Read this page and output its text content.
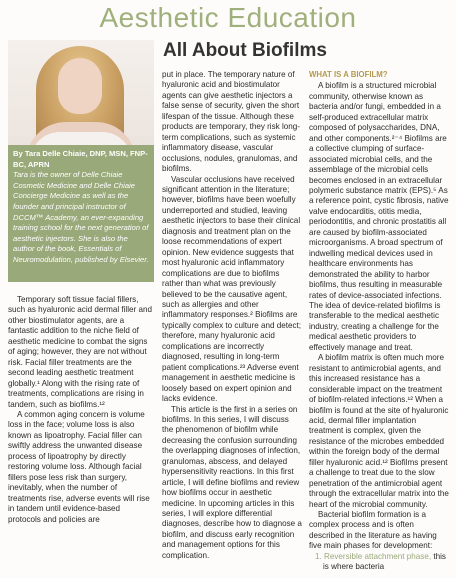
Aesthetic Education
All About Biofilms
By Tara Delle Chiaie, DNP, MSN, FNP-BC, APRN
Tara is the owner of Delle Chiaie Cosmetic Medicine and Delle Chiaie Concierge Medicine as well as the founder and principal instructor of DCCM™ Academy, an ever-expanding training school for the next generation of aesthetic injectors. She is also the author of the book, Essentials of Neuromodulation, published by Elsevier.

Temporary soft tissue facial fillers, such as hyaluronic acid dermal filler and other biostimulator agents, are a fantastic addition to the niche field of aesthetic medicine to combat the signs of aging; however, they are not without risk. Facial filler treatments are the second leading aesthetic treatment globally.¹ Along with the rising rate of treatments, complications are rising in tandem, such as biofilms.¹²

A common aging concern is volume loss in the face; volume loss is also known as lipoatrophy. Facial filler can swiftly address the unwanted disease process of lipoatrophy by directly restoring volume loss. Although facial fillers pose less risk than surgery, inevitably, when the number of treatments rise, adverse events will rise in tandem until evidence-based protocols and policies are

put in place. The temporary nature of hyaluronic acid and biostimulator agents can give aesthetic injectors a false sense of security, given the short lifespan of the tissue. Although these products are temporary, they risk long-term complications, such as systemic inflammatory disease, vascular occlusions, nodules, granulomas, and biofilms.

Vascular occlusions have received significant attention in the literature; however, biofilms have been woefully underreported and studied, leaving aesthetic injectors to base their clinical diagnosis and treatment plan on the loose recommendations of expert opinion. New evidence suggests that most hyaluronic acid inflammatory complications are due to biofilms rather than what was previously believed to be the causative agent, such as allergies and other inflammatory responses.² Biofilms are typically complex to culture and detect; therefore, many hyaluronic acid complications are incorrectly diagnosed, resulting in long-term patient complications.²³ Adverse event management in aesthetic medicine is loosely based on expert opinion and lacks evidence.

This article is the first in a series on biofilms. In this series, I will discuss the phenomenon of biofilm while decreasing the confusion surrounding the overlapping diagnoses of infection, granulomas, abscess, and delayed hypersensitivity reactions. In this first article, I will define biofilms and review how biofilms occur in aesthetic medicine. In upcoming articles in this series, I will explore differential diagnoses, describe how to diagnose a biofilm, and discuss early recognition and management options for this complication.

WHAT IS A BIOFILM?

A biofilm is a structured microbial community, otherwise known as bacteria and/or fungi, embedded in a self-produced extracellular matrix composed of polysaccharides, DNA, and other components.²⁻⁴ Biofilms are a collective clumping of surface-associated microbial cells, and the assemblage of the microbial cells becomes enclosed in an extracellular polymeric substance matrix (EPS).⁵ As a reference point, cystic fibrosis, native valve endocarditis, otitis media, periodontitis, and chronic prostatitis all are caused by biofilm-associated microorganisms. A broad spectrum of indwelling medical devices used in healthcare environments has demonstrated the ability to harbor biofilms, thus resulting in measurable rates of device-associated infections. The idea of device-related biofilms is transferable to the medical aesthetic industry, creating a challenge for the medical aesthetic providers to effectively manage and treat.

A biofilm matrix is often much more resistant to antimicrobial agents, and this increased resistance has a considerable impact on the treatment of biofilm-related infections.¹² When a biofilm is found at the site of hyaluronic acid, dermal filler implantation treatment is complex, given the resistance of the microbes embedded within the foreign body of the dermal filler hyaluronic acid.¹² Biofilms present a challenge to treat due to the slow penetration of the antimicrobial agent through the extracellular matrix into the heart of the microbial community.

Bacterial biofilm formation is a complex process and is often described in the literature as having five main phases for development:

1. Reversible attachment phase, this is where bacteria
